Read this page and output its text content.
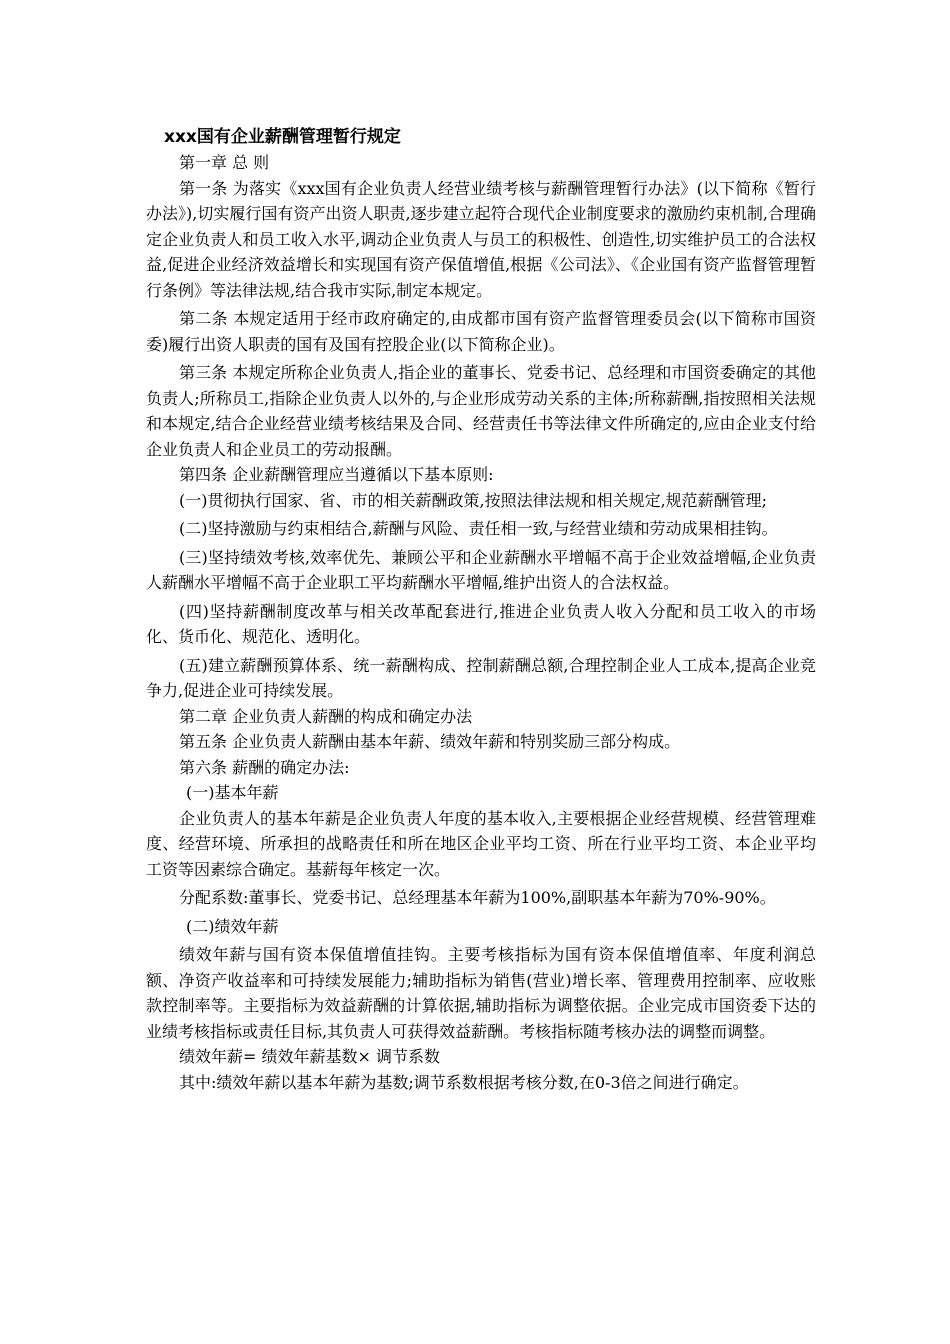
xxx国有企业薪酬管理暂行规定

第一章 总 则

第一条 为落实《xxx国有企业负责人经营业绩考核与薪酬管理暂行办法》(以下简称《暂行办法》),切实履行国有资产出资人职责,逐步建立起符合现代企业制度要求的激励约束机制,合理确定企业负责人和员工收入水平,调动企业负责人与员工的积极性、创造性,切实维护员工的合法权益,促进企业经济效益增长和实现国有资产保值增值,根据《公司法》、《企业国有资产监督管理暂行条例》等法律法规,结合我市实际,制定本规定。

第二条 本规定适用于经市政府确定的,由成都市国有资产监督管理委员会(以下简称市国资委)履行出资人职责的国有及国有控股企业(以下简称企业)。

第三条 本规定所称企业负责人,指企业的董事长、党委书记、总经理和市国资委确定的其他负责人;所称员工,指除企业负责人以外的,与企业形成劳动关系的主体;所称薪酬,指按照相关法规和本规定,结合企业经营业绩考核结果及合同、经营责任书等法律文件所确定的,应由企业支付给企业负责人和企业员工的劳动报酬。

第四条 企业薪酬管理应当遵循以下基本原则:

(一)贯彻执行国家、省、市的相关薪酬政策,按照法律法规和相关规定,规范薪酬管理;

(二)坚持激励与约束相结合,薪酬与风险、责任相一致,与经营业绩和劳动成果相挂钩。

(三)坚持绩效考核,效率优先、兼顾公平和企业薪酬水平增幅不高于企业效益增幅,企业负责人薪酬水平增幅不高于企业职工平均薪酬水平增幅,维护出资人的合法权益。

(四)坚持薪酬制度改革与相关改革配套进行,推进企业负责人收入分配和员工收入的市场化、货币化、规范化、透明化。

(五)建立薪酬预算体系、统一薪酬构成、控制薪酬总额,合理控制企业人工成本,提高企业竞争力,促进企业可持续发展。

第二章 企业负责人薪酬的构成和确定办法

第五条 企业负责人薪酬由基本年薪、绩效年薪和特别奖励三部分构成。

第六条 薪酬的确定办法:

(一)基本年薪

企业负责人的基本年薪是企业负责人年度的基本收入,主要根据企业经营规模、经营管理难度、经营环境、所承担的战略责任和所在地区企业平均工资、所在行业平均工资、本企业平均工资等因素综合确定。基薪每年核定一次。

分配系数:董事长、党委书记、总经理基本年薪为100%,副职基本年薪为70%-90%。

(二)绩效年薪

绩效年薪与国有资本保值增值挂钩。主要考核指标为国有资本保值增值率、年度利润总额、净资产收益率和可持续发展能力;辅助指标为销售(营业)增长率、管理费用控制率、应收账款控制率等。主要指标为效益薪酬的计算依据,辅助指标为调整依据。企业完成市国资委下达的业绩考核指标或责任目标,其负责人可获得效益薪酬。考核指标随考核办法的调整而调整。

绩效年薪= 绩效年薪基数× 调节系数

其中:绩效年薪以基本年薪为基数;调节系数根据考核分数,在0-3倍之间进行确定。
